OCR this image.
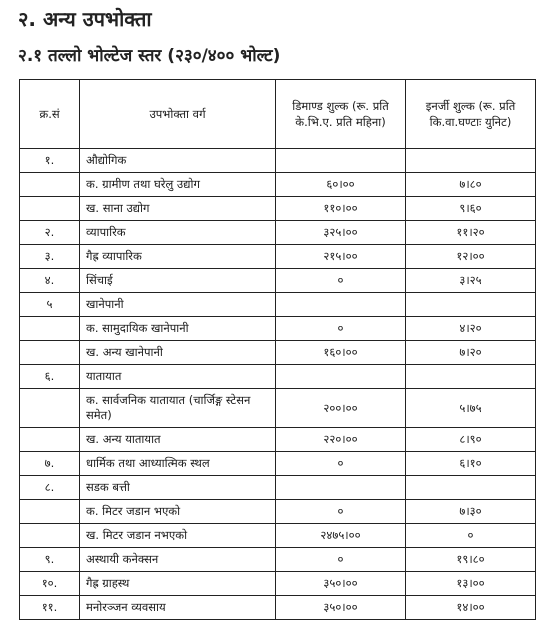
२. अन्य उपभोक्ता
२.१ तल्लो भोल्टेज स्तर (२३०/४०० भोल्ट)
क्र.सं	उपभोक्ता वर्ग	डिमाण्ड शुल्क (रू. प्रति के.भि.ए. प्रति महिना)	इनर्जी शुल्क (रू. प्रति कि.वा.घण्टाः युनिट)
१.	औद्योगिक		
	क. ग्रामीण तथा घरेलु उद्योग	६०।००	७।८०
	ख. साना उद्योग	११०।००	९।६०
२.	व्यापारिक	३२५।००	११।२०
३.	गैह्र व्यापारिक	२१५।००	१२।००
४.	सिंचाई	०	३।२५
५	खानेपानी		
	क. सामुदायिक खानेपानी	०	४।२०
	ख. अन्य खानेपानी	१६०।००	७।२०
६.	यातायात		
	क. सार्वजनिक यातायात (चार्जिङ्ग स्टेसन समेत)	२००।००	५।७५
	ख. अन्य यातायात	२२०।००	८।९०
७.	धार्मिक तथा आध्यात्मिक स्थल	०	६।१०
८.	सडक बत्ती		
	क. मिटर जडान भएको	०	७।३०
	ख. मिटर जडान नभएको	२४७५।००	०
९.	अस्थायी कनेक्सन	०	१९।८०
१०.	गैह्र ग्राहस्थ	३५०।००	१३।००
११.	मनोरञ्जन व्यवसाय	३५०।००	१४।००
